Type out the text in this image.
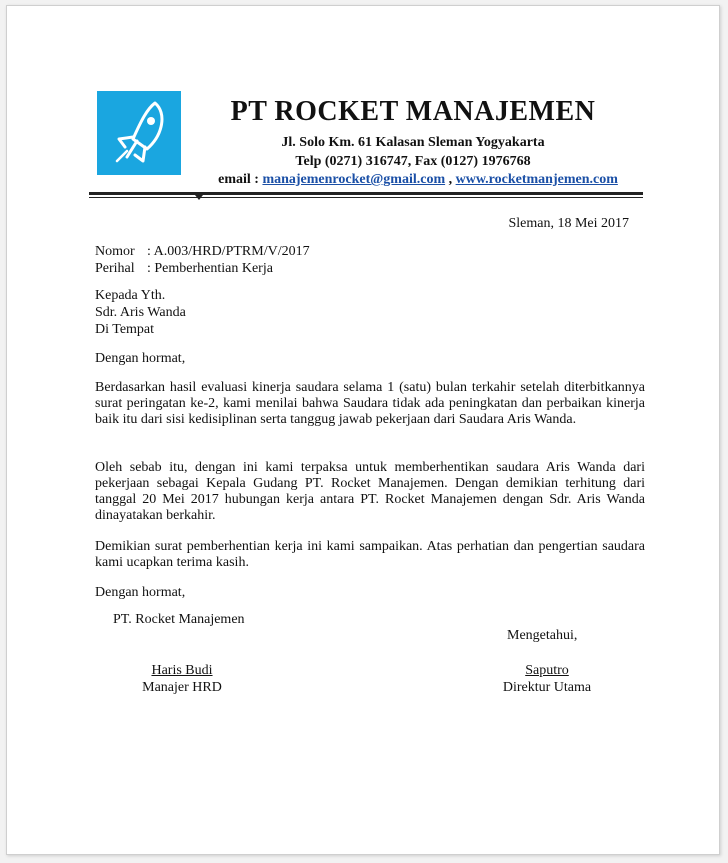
PT ROCKET MANAJEMEN
Jl. Solo Km. 61 Kalasan Sleman Yogyakarta
Telp (0271) 316747, Fax (0127) 1976768
email : manajemenrocket@gmail.com , www.rocketmanjemen.com
Sleman, 18 Mei 2017
Nomor	: A.003/HRD/PTRM/V/2017
Perihal	: Pemberhentian Kerja
Kepada Yth.
Sdr. Aris Wanda
Di Tempat
Dengan hormat,
Berdasarkan hasil evaluasi kinerja saudara selama 1 (satu) bulan terkahir setelah diterbitkannya surat peringatan ke-2, kami menilai bahwa Saudara tidak ada peningkatan dan perbaikan kinerja baik itu dari sisi kedisiplinan serta tanggug jawab pekerjaan dari Saudara Aris Wanda.
Oleh sebab itu, dengan ini kami terpaksa untuk memberhentikan saudara Aris Wanda dari pekerjaan sebagai Kepala Gudang PT. Rocket Manajemen. Dengan demikian terhitung dari tanggal 20 Mei 2017 hubungan kerja antara PT. Rocket Manajemen dengan Sdr. Aris Wanda dinayatakan berkahir.
Demikian surat pemberhentian kerja ini kami sampaikan. Atas perhatian dan pengertian saudara kami ucapkan terima kasih.
Dengan hormat,
PT. Rocket Manajemen
Mengetahui,
Haris Budi
Manajer HRD
Saputro
Direktur Utama
